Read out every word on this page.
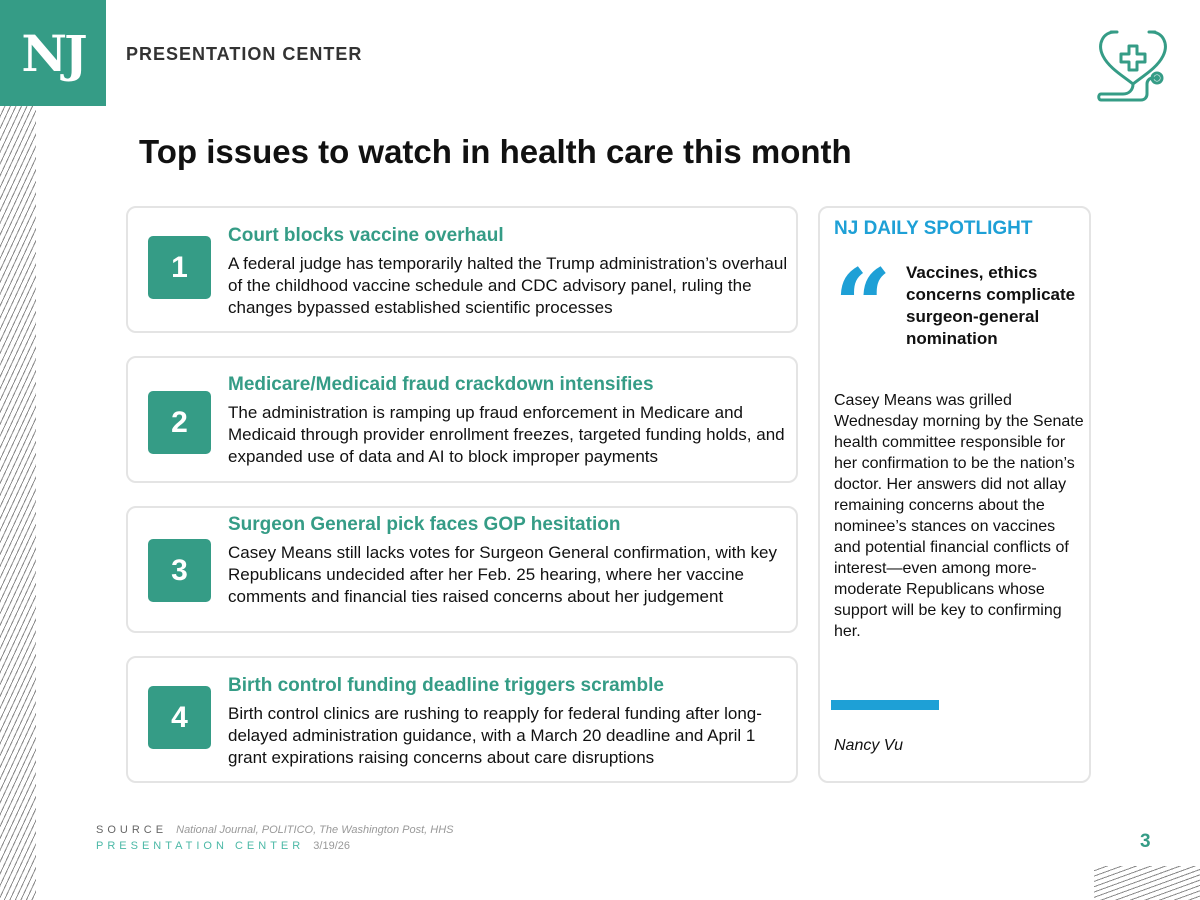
NJ PRESENTATION CENTER
Top issues to watch in health care this month
1
Court blocks vaccine overhaul
A federal judge has temporarily halted the Trump administration’s overhaul of the childhood vaccine schedule and CDC advisory panel, ruling the changes bypassed established scientific processes
2
Medicare/Medicaid fraud crackdown intensifies
The administration is ramping up fraud enforcement in Medicare and Medicaid through provider enrollment freezes, targeted funding holds, and expanded use of data and AI to block improper payments
3
Surgeon General pick faces GOP hesitation
Casey Means still lacks votes for Surgeon General confirmation, with key Republicans undecided after her Feb. 25 hearing, where her vaccine comments and financial ties raised concerns about her judgement
4
Birth control funding deadline triggers scramble
Birth control clinics are rushing to reapply for federal funding after long-delayed administration guidance, with a March 20 deadline and April 1 grant expirations raising concerns about care disruptions
NJ DAILY SPOTLIGHT
“ Vaccines, ethics concerns complicate surgeon-general nomination
Casey Means was grilled Wednesday morning by the Senate health committee responsible for her confirmation to be the nation’s doctor. Her answers did not allay remaining concerns about the nominee’s stances on vaccines and potential financial conflicts of interest—even among more-moderate Republicans whose support will be key to confirming her.
Nancy Vu
SOURCE National Journal, POLITICO, The Washington Post, HHS
PRESENTATION CENTER 3/19/26	3
